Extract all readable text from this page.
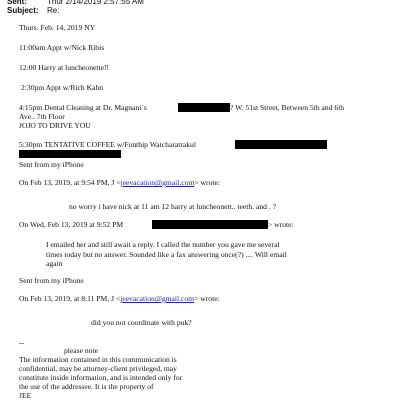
Sent:	Thur 2/14/2019 2:57:55 AM
Subject: Re:
Thurs. Feb. 14, 2019 NY
11:00am Appt w/Nick Ribis
12:00 Harry at luncheonette!!
2:30pm Appt w/Rich Kahn
4:15pm Dental Cleaning at Dr. Magnani`s	? W. 51st Street, Between 5th and 6th
Ave.. 7th Floor
JOJO TO DRIVE YOU
5:30pm TENTATIVE COFFEE w/Fonthip Watcharatrakul
Sent from my iPhone
On Feb 13, 2019, at 9:54 PM, J <jeevacation@gmail.com> wrote:
no worry i have nick at 11 am 12 harry at luncheonett.. teeth. and . ?
On Wed, Feb 13, 2019 at 9:52 PM	> wrote:
I emailed her and still await a reply. I called the number you gave me several
times today but no answer. Sounded like a fax answering once(?) .... Will email
again
Sent from my iPhone
On Feb 13, 2019, at 8:11 PM, J <jeevacation@gmail.com> wrote:
did you not coordinate with puk?
--
please note
The information contained in this communication is
confidential, may be attorney-client privileged, may
constitute inside information, and is intended only for
the use of the addressee. It is the property of
JEE
